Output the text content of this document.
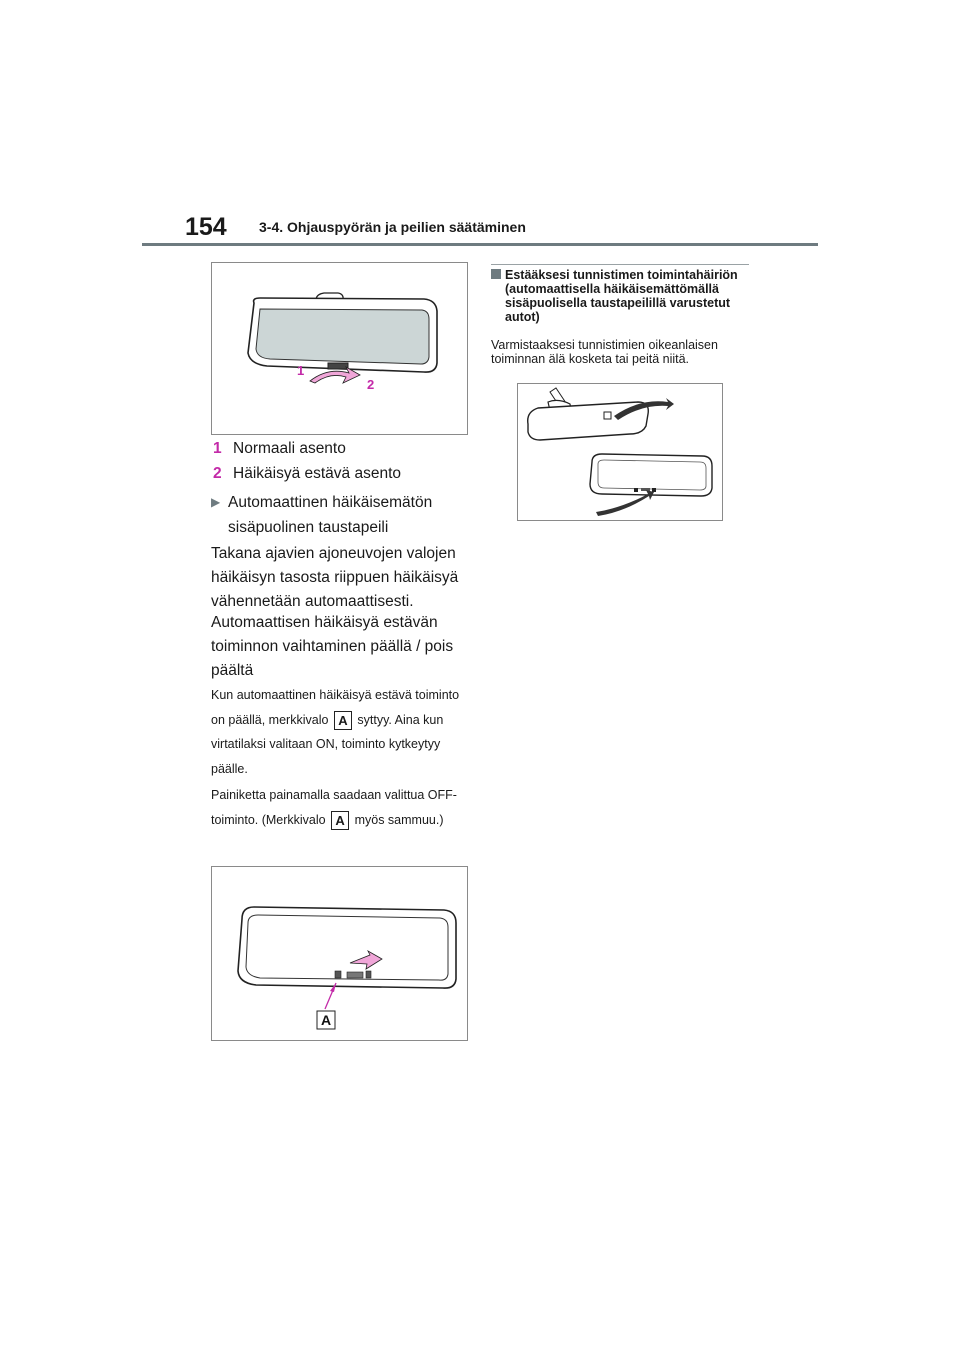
154 3-4. Ohjauspyörän ja peilien säätäminen
1
2
1 Normaali asento
2 Häikäisyä estävä asento
▶ Automaattinen häikäisemätön sisäpuolinen taustapeili
Takana ajavien ajoneuvojen valojen häikäisyn tasosta riippuen häikäisyä vähennetään automaattisesti.
Automaattisen häikäisyä estävän toiminnon vaihtaminen päällä / pois päältä
Kun automaattinen häikäisyä estävä toiminto on päällä, merkkivalo A syttyy. Aina kun virtatilaksi valitaan ON, toiminto kytkeytyy päälle.
Painiketta painamalla saadaan valittua OFF-toiminto. (Merkkivalo A myös sammuu.)
A
Estääksesi tunnistimen toimintahäiriön (automaattisella häikäisemättömällä sisäpuolisella taustapeilillä varustetut autot)
Varmistaaksesi tunnistimien oikeanlaisen toiminnan älä kosketa tai peitä niitä.
